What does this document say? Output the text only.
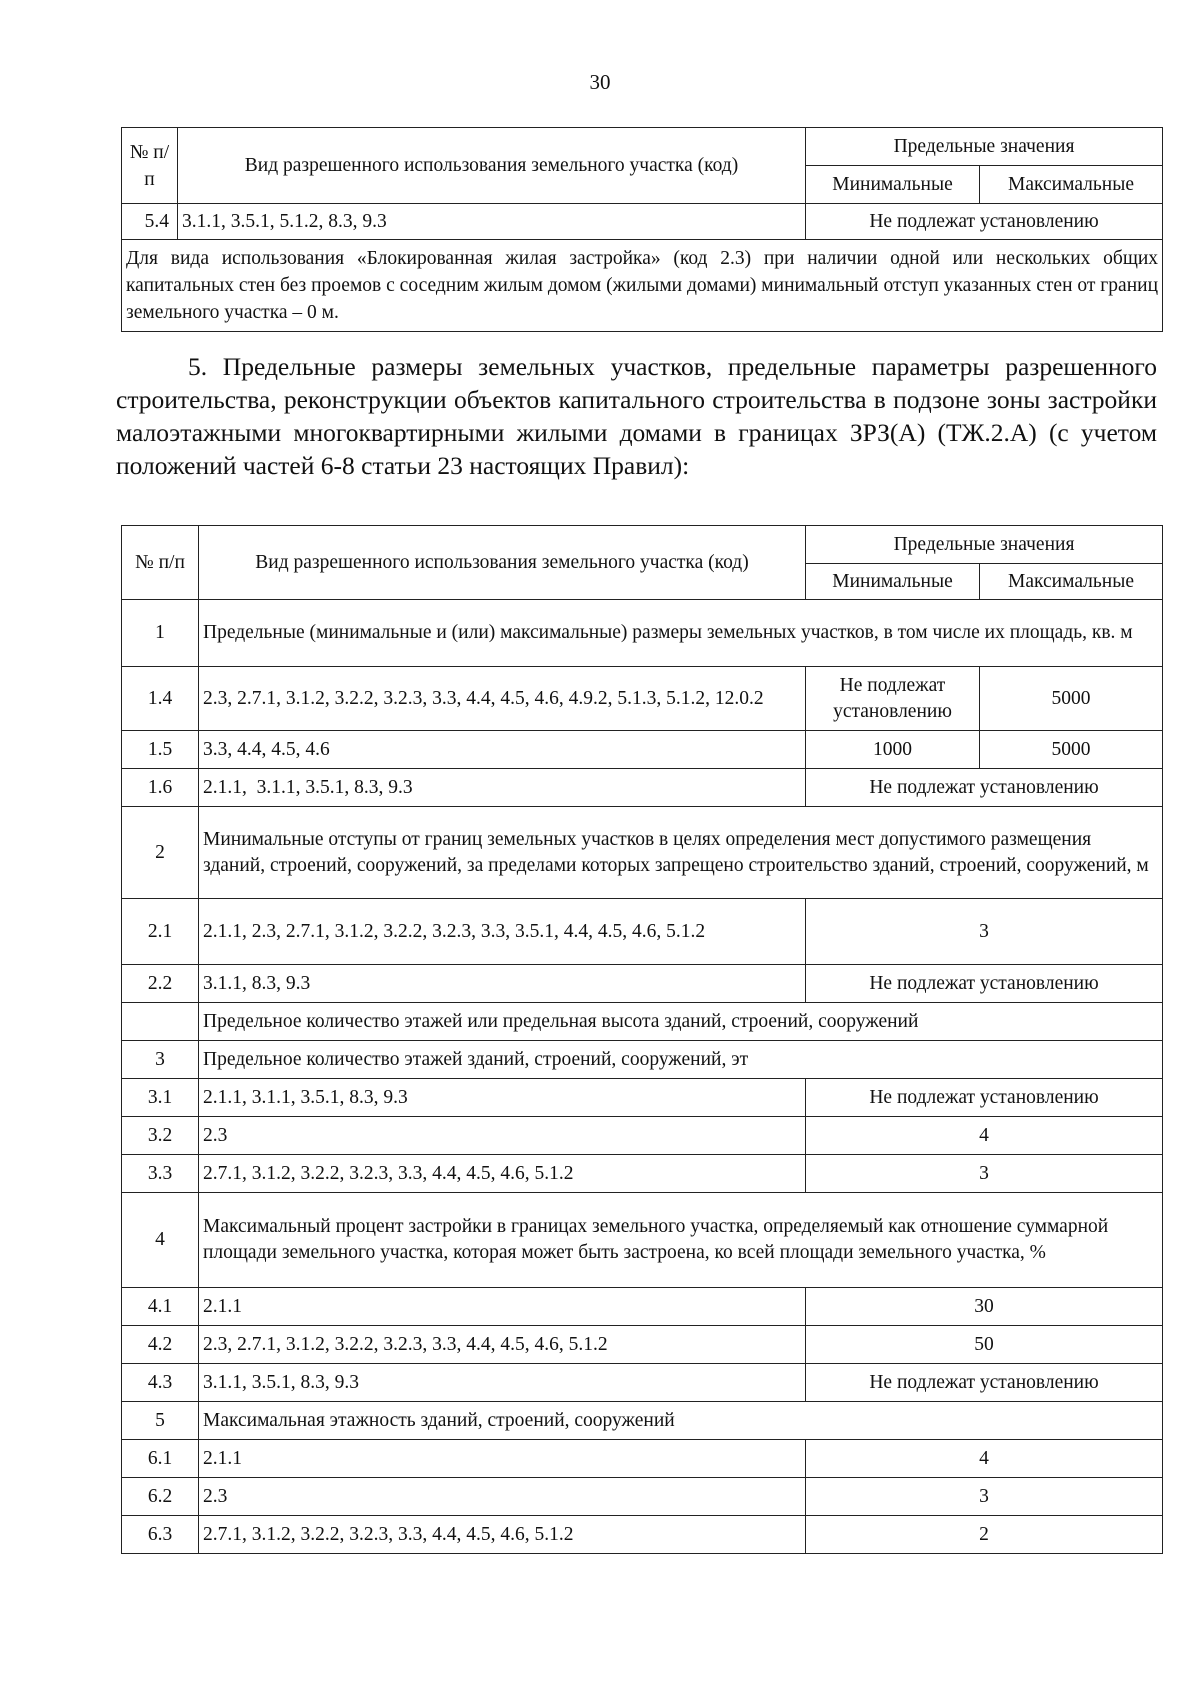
30
№ п/п	Вид разрешенного использования земельного участка (код)	Предельные значения	
		Минимальные	Максимальные
5.4	3.1.1, 3.5.1, 5.1.2, 8.3, 9.3	Не подлежат установлению	
Для вида использования «Блокированная жилая застройка» (код 2.3) при наличии одной или нескольких общих капитальных стен без проемов с соседним жилым домом (жилыми домами) минимальный отступ указанных стен от границ земельного участка – 0 м.			

5. Предельные размеры земельных участков, предельные параметры разрешенного строительства, реконструкции объектов капитального строительства в подзоне зоны застройки малоэтажными многоквартирными жилыми домами в границах ЗРЗ(А) (ТЖ.2.А) (с учетом положений частей 6-8 статьи 23 настоящих Правил):

№ п/п	Вид разрешенного использования земельного участка (код)	Предельные значения	
		Минимальные	Максимальные
1	Предельные (минимальные и (или) максимальные) размеры земельных участков, в том числе их площадь, кв. м		
1.4	2.3, 2.7.1, 3.1.2, 3.2.2, 3.2.3, 3.3, 4.4, 4.5, 4.6, 4.9.2, 5.1.3, 5.1.2, 12.0.2	Не подлежат установлению	5000
1.5	3.3, 4.4, 4.5, 4.6	1000	5000
1.6	2.1.1,  3.1.1, 3.5.1, 8.3, 9.3	Не подлежат установлению	
2	Минимальные отступы от границ земельных участков в целях определения мест допустимого размещения зданий, строений, сооружений, за пределами которых запрещено строительство зданий, строений, сооружений, м		
2.1	2.1.1, 2.3, 2.7.1, 3.1.2, 3.2.2, 3.2.3, 3.3, 3.5.1, 4.4, 4.5, 4.6, 5.1.2	3	
2.2	3.1.1, 8.3, 9.3	Не подлежат установлению	
	Предельное количество этажей или предельная высота зданий, строений, сооружений		
3	Предельное количество этажей зданий, строений, сооружений, эт		
3.1	2.1.1, 3.1.1, 3.5.1, 8.3, 9.3	Не подлежат установлению	
3.2	2.3	4	
3.3	2.7.1, 3.1.2, 3.2.2, 3.2.3, 3.3, 4.4, 4.5, 4.6, 5.1.2	3	
4	Максимальный процент застройки в границах земельного участка, определяемый как отношение суммарной площади земельного участка, которая может быть застроена, ко всей площади земельного участка, %		
4.1	2.1.1	30	
4.2	2.3, 2.7.1, 3.1.2, 3.2.2, 3.2.3, 3.3, 4.4, 4.5, 4.6, 5.1.2	50	
4.3	3.1.1, 3.5.1, 8.3, 9.3	Не подлежат установлению	
5	Максимальная этажность зданий, строений, сооружений		
6.1	2.1.1	4	
6.2	2.3	3	
6.3	2.7.1, 3.1.2, 3.2.2, 3.2.3, 3.3, 4.4, 4.5, 4.6, 5.1.2	2	
